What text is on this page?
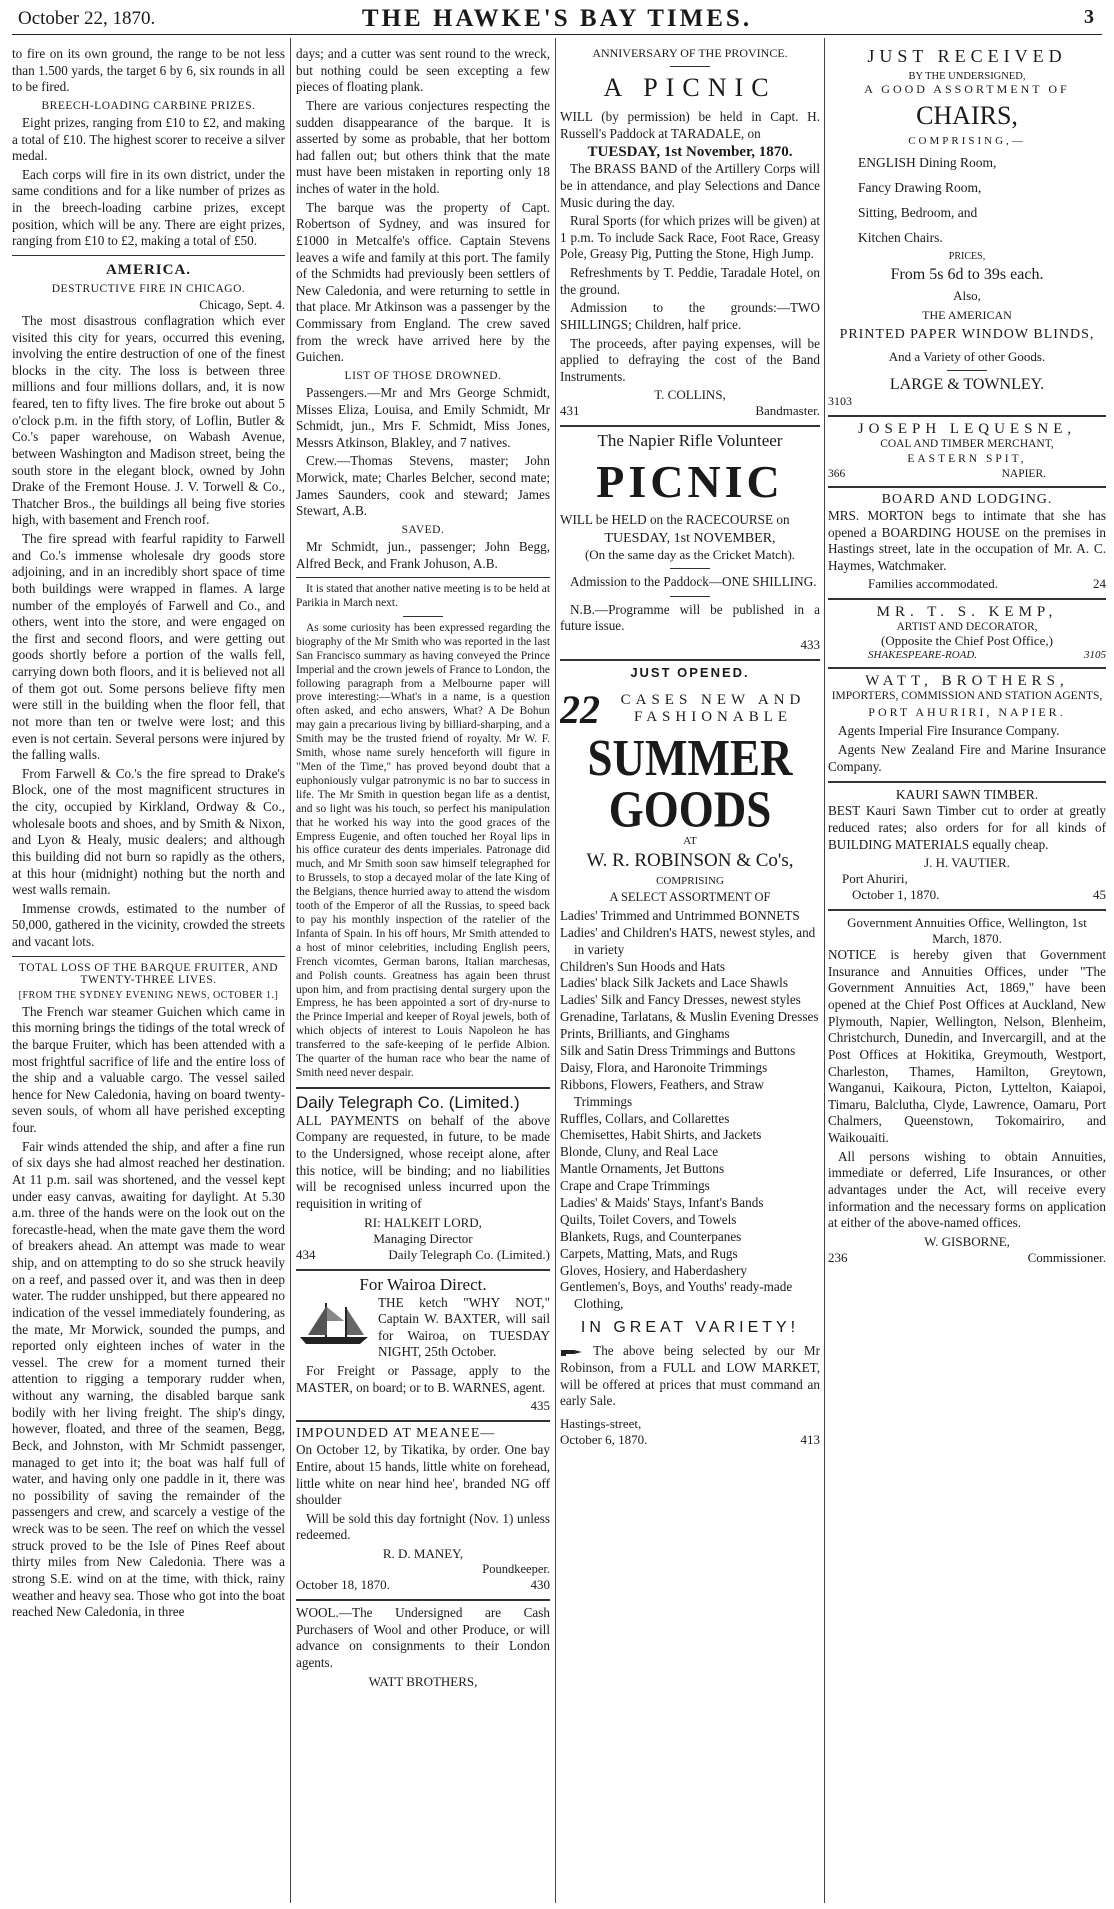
October 22, 1870.	THE HAWKE'S BAY TIMES.	3

to fire on its own ground, the range to be not less than 1.500 yards, the target 6 by 6, six rounds in all to be fired.

BREECH-LOADING CARBINE PRIZES.

Eight prizes, ranging from £10 to £2, and making a total of £10. The highest scorer to receive a silver medal.

Each corps will fire in its own district, under the same conditions and for a like number of prizes as in the breech-loading carbine prizes, except position, which will be any. There are eight prizes, ranging from £10 to £2, making a total of £50.

AMERICA.
DESTRUCTIVE FIRE IN CHICAGO.
Chicago, Sept. 4.

The most disastrous conflagration which ever visited this city for years, occurred this evening, involving the entire destruction of one of the finest blocks in the city. The loss is between three millions and four millions dollars, and, it is now feared, ten to fifty lives. The fire broke out about 5 o'clock p.m. in the fifth story, of Loflin, Butler & Co.'s paper warehouse, on Wabash Avenue, between Washington and Madison street, being the south store in the elegant block, owned by John Drake of the Fremont House. J. V. Torwell & Co., Thatcher Bros., the buildings all being five stories high, with basement and French roof.

The fire spread with fearful rapidity to Farwell and Co.'s immense wholesale dry goods store adjoining, and in an incredibly short space of time both buildings were wrapped in flames. A large number of the employés of Farwell and Co., and others, went into the store, and were engaged on the first and second floors, and were getting out goods shortly before a portion of the walls fell, carrying down both floors, and it is believed not all of them got out. Some persons believe fifty men were still in the building when the floor fell, that not more than ten or twelve were lost; and this even is not certain. Several persons were injured by the falling walls.

From Farwell & Co.'s the fire spread to Drake's Block, one of the most magnificent structures in the city, occupied by Kirkland, Ordway & Co., wholesale boots and shoes, and by Smith & Nixon, and Lyon & Healy, music dealers; and although this building did not burn so rapidly as the others, at this hour (midnight) nothing but the north and west walls remain.

Immense crowds, estimated to the number of 50,000, gathered in the vicinity, crowded the streets and vacant lots.

TOTAL LOSS OF THE BARQUE FRUITER, AND TWENTY-THREE LIVES.
[FROM THE SYDNEY EVENING NEWS, OCTOBER 1.]

The French war steamer Guichen which came in this morning brings the tidings of the total wreck of the barque Fruiter, which has been attended with a most frightful sacrifice of life and the entire loss of the ship and a valuable cargo. The vessel sailed hence for New Caledonia, having on board twenty-seven souls, of whom all have perished excepting four.

Fair winds attended the ship, and after a fine run of six days she had almost reached her destination. At 11 p.m. sail was shortened, and the vessel kept under easy canvas, awaiting for daylight. At 5.30 a.m. three of the hands were on the look out on the forecastle-head, when the mate gave them the word of breakers ahead. An attempt was made to wear ship, and on attempting to do so she struck heavily on a reef, and passed over it, and was then in deep water. The rudder unshipped, but there appeared no indication of the vessel immediately foundering, as the mate, Mr Morwick, sounded the pumps, and reported only eighteen inches of water in the vessel. The crew for a moment turned their attention to rigging a temporary rudder when, without any warning, the disabled barque sank bodily with her living freight. The ship's dingy, however, floated, and three of the seamen, Begg, Beck, and Johnston, with Mr Schmidt passenger, managed to get into it; the boat was half full of water, and having only one paddle in it, there was no possibility of saving the remainder of the passengers and crew, and scarcely a vestige of the wreck was to be seen. The reef on which the vessel struck proved to be the Isle of Pines Reef about thirty miles from New Caledonia. There was a strong S.E. wind on at the time, with thick, rainy weather and heavy sea. Those who got into the boat reached New Caledonia, in three

days; and a cutter was sent round to the wreck, but nothing could be seen excepting a few pieces of floating plank.

There are various conjectures respecting the sudden disappearance of the barque. It is asserted by some as probable, that her bottom had fallen out; but others think that the mate must have been mistaken in reporting only 18 inches of water in the hold.

The barque was the property of Capt. Robertson of Sydney, and was insured for £1000 in Metcalfe's office. Captain Stevens leaves a wife and family at this port. The family of the Schmidts had previously been settlers of New Caledonia, and were returning to settle in that place. Mr Atkinson was a passenger by the Commissary from England. The crew saved from the wreck have arrived here by the Guichen.

LIST OF THOSE DROWNED.

Passengers.—Mr and Mrs George Schmidt, Misses Eliza, Louisa, and Emily Schmidt, Mr Schmidt, jun., Mrs F. Schmidt, Miss Jones, Messrs Atkinson, Blakley, and 7 natives.

Crew.—Thomas Stevens, master; John Morwick, mate; Charles Belcher, second mate; James Saunders, cook and steward; James Stewart, A.B.

SAVED.

Mr Schmidt, jun., passenger; John Begg, Alfred Beck, and Frank Johuson, A.B.

It is stated that another native meeting is to be held at Parikia in March next.

As some curiosity has been expressed regarding the biography of the Mr Smith who was reported in the last San Francisco summary as having conveyed the Prince Imperial and the crown jewels of France to London, the following paragraph from a Melbourne paper will prove interesting:—What's in a name, is a question often asked, and echo answers, What? A De Bohun may gain a precarious living by billiard-sharping, and a Smith may be the trusted friend of royalty. Mr W. F. Smith, whose name surely henceforth will figure in "Men of the Time," has proved beyond doubt that a euphoniously vulgar patronymic is no bar to success in life. The Mr Smith in question began life as a dentist, and so light was his touch, so perfect his manipulation that he worked his way into the good graces of the Empress Eugenie, and often touched her Royal lips in his office curateur des dents imperiales. Patronage did much, and Mr Smith soon saw himself telegraphed for to Brussels, to stop a decayed molar of the late King of the Belgians, thence hurried away to attend the wisdom tooth of the Emperor of all the Russias, to speed back to pay his monthly inspection of the ratelier of the Infanta of Spain. In his off hours, Mr Smith attended to a host of minor celebrities, including English peers, French vicomtes, German barons, Italian marchesas, and Polish counts. Greatness has again been thrust upon him, and from practising dental surgery upon the Empress, he has been appointed a sort of dry-nurse to the Prince Imperial and keeper of Royal jewels, both of which objects of interest to Louis Napoleon he has transferred to the safe-keeping of le perfide Albion. The quarter of the human race who bear the name of Smith need never despair.

Daily Telegraph Co. (Limited.)

ALL PAYMENTS on behalf of the above Company are requested, in future, to be made to the Undersigned, whose receipt alone, after this notice, will be binding; and no liabilities will be recognised unless incurred upon the requisition in writing of

RI: HALKEIT LORD,
Managing Director
434	Daily Telegraph Co. (Limited.)
For Wairoa Direct.

THE ketch "WHY NOT," Captain W. BAXTER, will sail for Wairoa, on TUESDAY NIGHT, 25th October.

For Freight or Passage, apply to the MASTER, on board; or to B. WARNES, agent.

435
IMPOUNDED AT MEANEE—

On October 12, by Tikatika, by order. One bay Entire, about 15 hands, little white on forehead, little white on near hind hee', branded NG off shoulder

Will be sold this day fortnight (Nov. 1) unless redeemed.

R. D. MANEY,
Poundkeeper.
October 18, 1870.	430

WOOL.—The Undersigned are Cash Purchasers of Wool and other Produce, or will advance on consignments to their London agents.

WATT BROTHERS,
ANNIVERSARY OF THE PROVINCE.
A PICNIC

WILL (by permission) be held in Capt. H. Russell's Paddock at TARADALE, on

TUESDAY, 1st November, 1870.

The BRASS BAND of the Artillery Corps will be in attendance, and play Selections and Dance Music during the day.

Rural Sports (for which prizes will be given) at 1 p.m. To include Sack Race, Foot Race, Greasy Pole, Greasy Pig, Putting the Stone, High Jump.

Refreshments by T. Peddie, Taradale Hotel, on the ground.

Admission to the grounds:—TWO SHILLINGS; Children, half price.

The proceeds, after paying expenses, will be applied to defraying the cost of the Band Instruments.

T. COLLINS,
431	Bandmaster.
The Napier Rifle Volunteer
PICNIC

WILL be HELD on the RACECOURSE on

TUESDAY, 1st NOVEMBER,
(On the same day as the Cricket Match).

Admission to the Paddock—ONE SHILLING.

N.B.—Programme will be published in a future issue.

433
JUST OPENED.
22	CASES NEW AND FASHIONABLE
SUMMER GOODS
AT
W. R. ROBINSON & Co's,
COMPRISING
A SELECT ASSORTMENT OF
Ladies' Trimmed and Untrimmed BONNETS
Ladies' and Children's HATS, newest styles, and in variety
Children's Sun Hoods and Hats
Ladies' black Silk Jackets and Lace Shawls
Ladies' Silk and Fancy Dresses, newest styles
Grenadine, Tarlatans, & Muslin Evening Dresses
Prints, Brilliants, and Ginghams
Silk and Satin Dress Trimmings and Buttons
Daisy, Flora, and Haronoite Trimmings
Ribbons, Flowers, Feathers, and Straw Trimmings
Ruffles, Collars, and Collarettes
Chemisettes, Habit Shirts, and Jackets
Blonde, Cluny, and Real Lace
Mantle Ornaments, Jet Buttons
Crape and Crape Trimmings
Ladies' & Maids' Stays, Infant's Bands
Quilts, Toilet Covers, and Towels
Blankets, Rugs, and Counterpanes
Carpets, Matting, Mats, and Rugs
Gloves, Hosiery, and Haberdashery
Gentlemen's, Boys, and Youths' ready-made Clothing,
IN GREAT VARIETY!

The above being selected by our Mr Robinson, from a FULL and LOW MARKET, will be offered at prices that must command an early Sale.

Hastings-street,
October 6, 1870.	413
JUST RECEIVED
BY THE UNDERSIGNED,
A GOOD ASSORTMENT OF
CHAIRS,
COMPRISING,—
ENGLISH Dining Room,
Fancy Drawing Room,
Sitting, Bedroom, and
Kitchen Chairs.
PRICES,
From 5s 6d to 39s each.
Also,
THE AMERICAN
PRINTED PAPER WINDOW BLINDS,
And a Variety of other Goods.
LARGE & TOWNLEY.
3103
JOSEPH LEQUESNE,
COAL AND TIMBER MERCHANT,
EASTERN SPIT,
366	NAPIER.
BOARD AND LODGING.

MRS. MORTON begs to intimate that she has opened a BOARDING HOUSE on the premises in Hastings street, late in the occupation of Mr. A. C. Haymes, Watchmaker.

Families accommodated.	24
MR. T. S. KEMP,
ARTIST AND DECORATOR,
(Opposite the Chief Post Office,)
SHAKESPEARE-ROAD.	3105
WATT, BROTHERS,
IMPORTERS, COMMISSION AND STATION AGENTS,
PORT AHURIRI, NAPIER.

Agents Imperial Fire Insurance Company.

Agents New Zealand Fire and Marine Insurance Company.

KAURI SAWN TIMBER.

BEST Kauri Sawn Timber cut to order at greatly reduced rates; also orders for for all kinds of BUILDING MATERIALS equally cheap.

J. H. VAUTIER.
Port Ahuriri,
October 1, 1870.	45
Government Annuities Office, Wellington, 1st March, 1870.

NOTICE is hereby given that Government Insurance and Annuities Offices, under "The Government Annuities Act, 1869," have been opened at the Chief Post Offices at Auckland, New Plymouth, Napier, Wellington, Nelson, Blenheim, Christchurch, Dunedin, and Invercargill, and at the Post Offices at Hokitika, Greymouth, Westport, Charleston, Thames, Hamilton, Greytown, Wanganui, Kaikoura, Picton, Lyttelton, Kaiapoi, Timaru, Balclutha, Clyde, Lawrence, Oamaru, Port Chalmers, Queenstown, Tokomairiro, and Waikouaiti.

All persons wishing to obtain Annuities, immediate or deferred, Life Insurances, or other advantages under the Act, will receive every information and the necessary forms on application at either of the above-named offices.

W. GISBORNE,
236	Commissioner.
